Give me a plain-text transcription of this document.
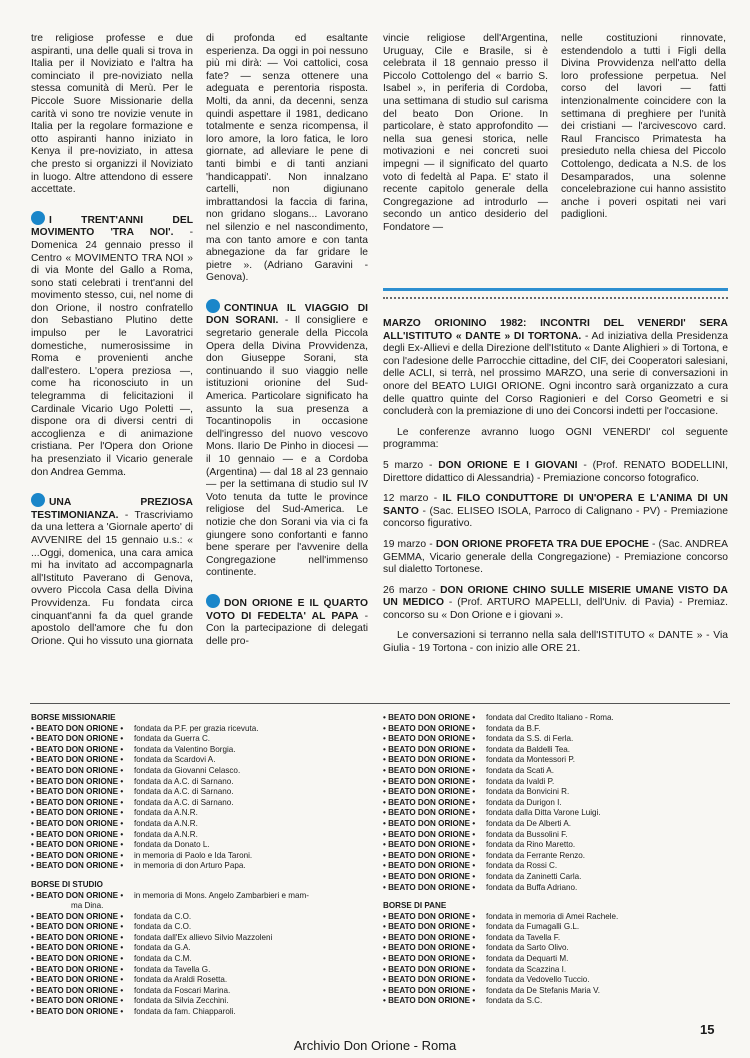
tre religiose professe e due aspiranti, una delle quali si trova in Italia per il Noviziato e l'altra ha cominciato il pre-noviziato nella stessa comunità di Merù. Per le Piccole Suore Missionarie della carità vi sono tre novizie venute in Italia per la regolare formazione e otto aspiranti hanno iniziato in Kenya il pre-noviziato, in attesa che presto si organizzi il Noviziato in luogo. Altre attendono di essere accettate.

I TRENT'ANNI DEL MOVIMENTO 'TRA NOI'. - Domenica 24 gennaio presso il Centro « MOVIMENTO TRA NOI » di via Monte del Gallo a Roma, sono stati celebrati i trent'anni del movimento stesso, cui, nel nome di don Orione, il nostro confratello don Sebastiano Plutino dette impulso per le Lavoratrici domestiche, numerosissime in Roma e provenienti anche dall'estero. L'opera preziosa —, come ha riconosciuto in un telegramma di felicitazioni il Cardinale Vicario Ugo Poletti —, dispone ora di diversi centri di accoglienza e di animazione cristiana. Per l'Opera don Orione ha presenziato il Vicario generale don Andrea Gemma.

UNA PREZIOSA TESTIMONIANZA. - Trascriviamo da una lettera a 'Giornale aperto' di AVVENIRE del 15 gennaio u.s.: « ...Oggi, domenica, una cara amica mi ha invitato ad accompagnarla all'Istituto Paverano di Genova, ovvero Piccola Casa della Divina Provvidenza. Fu fondata circa cinquant'anni fa da quel grande apostolo dell'amore che fu don Orione. Qui ho vissuto una giornata

di profonda ed esaltante esperienza. Da oggi in poi nessuno più mi dirà: — Voi cattolici, cosa fate? — senza ottenere una adeguata e perentoria risposta. Molti, da anni, da decenni, senza quindi aspettare il 1981, dedicano totalmente e senza ricompensa, il loro amore, la loro fatica, le loro giornate, ad alleviare le pene di tanti bimbi e di tanti anziani 'handicappati'. Non innalzano cartelli, non digiunano imbrattandosi la faccia di farina, non gridano slogans... Lavorano nel silenzio e nel nascondimento, ma con tanto amore e con tanta abnegazione da far gridare le pietre ». (Adriano Garavini - Genova).

CONTINUA IL VIAGGIO DI DON SORANI. - Il consigliere e segretario generale della Piccola Opera della Divina Provvidenza, don Giuseppe Sorani, sta continuando il suo viaggio nelle istituzioni orionine del Sud-America. Particolare significato ha assunto la sua presenza a Tocantinopolis in occasione dell'ingresso del nuovo vescovo Mons. Ilario De Pinho in diocesi — il 10 gennaio — e a Cordoba (Argentina) — dal 18 al 23 gennaio — per la settimana di studio sul IV Voto tenuta da tutte le province religiose del Sud-America. Le notizie che don Sorani via via ci fa giungere sono confortanti e fanno bene sperare per l'avvenire della Congregazione nell'immenso continente.

DON ORIONE E IL QUARTO VOTO DI FEDELTA' AL PAPA - Con la partecipazione di delegati delle pro-

vincie religiose dell'Argentina, Uruguay, Cile e Brasile, si è celebrata il 18 gennaio presso il Piccolo Cottolengo del « barrio S. Isabel », in periferia di Cordoba, una settimana di studio sul carisma del beato Don Orione. In particolare, è stato approfondito — nella sua genesi storica, nelle motivazioni e nei concreti suoi impegni — il significato del quarto voto di fedeltà al Papa. E' stato il recente capitolo generale della Congregazione ad introdurlo — secondo un antico desiderio del Fondatore —

nelle costituzioni rinnovate, estendendolo a tutti i Figli della Divina Provvidenza nell'atto della loro professione perpetua. Nel corso del lavori — fatti intenzionalmente coincidere con la settimana di preghiere per l'unità dei cristiani — l'arcivescovo card. Raul Francisco Primatesta ha presieduto nella chiesa del Piccolo Cottolengo, dedicata a N.S. de los Desamparados, una solenne concelebrazione cui hanno assistito anche i poveri ospitati nei vari padiglioni.

MARZO ORIONINO 1982: INCONTRI DEL VENERDI' SERA ALL'ISTITUTO « DANTE » DI TORTONA. - Ad iniziativa della Presidenza degli Ex-Allievi e della Direzione dell'Istituto « Dante Alighieri » di Tortona, e con l'adesione delle Parrocchie cittadine, del CIF, dei Cooperatori salesiani, delle ACLI, si terrà, nel prossimo MARZO, una serie di conversazioni in onore del BEATO LUIGI ORIONE. Ogni incontro sarà organizzato a cura delle quattro quinte del Corso Ragionieri e del Corso Geometri e si concluderà con la premiazione di uno dei Concorsi indetti per l'occasione.

Le conferenze avranno luogo OGNI VENERDI' col seguente programma:

5 marzo - DON ORIONE E I GIOVANI - (Prof. RENATO BODELLINI, Direttore didattico di Alessandria) - Premiazione concorso fotografico.

12 marzo - IL FILO CONDUTTORE DI UN'OPERA E L'ANIMA DI UN SANTO - (Sac. ELISEO ISOLA, Parroco di Calignano - PV) - Premiazione concorso figurativo.

19 marzo - DON ORIONE PROFETA TRA DUE EPOCHE - (Sac. ANDREA GEMMA, Vicario generale della Congregazione) - Premiazione concorso sul dialetto Tortonese.

26 marzo - DON ORIONE CHINO SULLE MISERIE UMANE VISTO DA UN MEDICO - (Prof. ARTURO MAPELLI, dell'Univ. di Pavia) - Premiaz. concorso su « Don Orione e i giovani ».

Le conversazioni si terranno nella sala dell'ISTITUTO « DANTE » - Via Giulia - 19 Tortona - con inizio alle ORE 21.

BORSE MISSIONARIE
• BEATO DON ORIONE • fondata da P.F. per grazia ricevuta.
• BEATO DON ORIONE • fondata da Guerra C.
• BEATO DON ORIONE • fondata da Valentino Borgia.
• BEATO DON ORIONE • fondata da Scardovi A.
• BEATO DON ORIONE • fondata da Giovanni Celasco.
• BEATO DON ORIONE • fondata da A.C. di Sarnano.
• BEATO DON ORIONE • fondata da A.C. di Sarnano.
• BEATO DON ORIONE • fondata da A.C. di Sarnano.
• BEATO DON ORIONE • fondata da A.N.R.
• BEATO DON ORIONE • fondata da A.N.R.
• BEATO DON ORIONE • fondata da A.N.R.
• BEATO DON ORIONE • fondata da Donato L.
• BEATO DON ORIONE • in memoria di Paolo e Ida Taroni.
• BEATO DON ORIONE • in memoria di don Arturo Papa.
BORSE DI STUDIO
• BEATO DON ORIONE • in memoria di Mons. Angelo Zambarbieri e mam-
ma Dina.
• BEATO DON ORIONE • fondata da C.O.
• BEATO DON ORIONE • fondata da C.O.
• BEATO DON ORIONE • fondata dall'Ex allievo Silvio Mazzoleni
• BEATO DON ORIONE • fondata da G.A.
• BEATO DON ORIONE • fondata da C.M.
• BEATO DON ORIONE • fondata da Tavella G.
• BEATO DON ORIONE • fondata da Araldi Rosetta.
• BEATO DON ORIONE • fondata da Foscari Marina.
• BEATO DON ORIONE • fondata da Silvia Zecchini.
• BEATO DON ORIONE • fondata da fam. Chiapparoli.
• BEATO DON ORIONE • fondata dal Credito Italiano - Roma.
• BEATO DON ORIONE • fondata da B.F.
• BEATO DON ORIONE • fondata da S.S. di Ferla.
• BEATO DON ORIONE • fondata da Baldelli Tea.
• BEATO DON ORIONE • fondata da Montessori P.
• BEATO DON ORIONE • fondata da Scati A.
• BEATO DON ORIONE • fondata da Ivaldi P.
• BEATO DON ORIONE • fondata da Bonvicini R.
• BEATO DON ORIONE • fondata da Durigon I.
• BEATO DON ORIONE • fondata dalla Ditta Varone Luigi.
• BEATO DON ORIONE • fondata da De Alberti A.
• BEATO DON ORIONE • fondata da Bussolini F.
• BEATO DON ORIONE • fondata da Rino Maretto.
• BEATO DON ORIONE • fondata da Ferrante Renzo.
• BEATO DON ORIONE • fondata da Rossi C.
• BEATO DON ORIONE • fondata da Zaninetti Carla.
• BEATO DON ORIONE • fondata da Buffa Adriano.
BORSE DI PANE
• BEATO DON ORIONE • fondata in memoria di Amei Rachele.
• BEATO DON ORIONE • fondata da Fumagalli G.L.
• BEATO DON ORIONE • fondata da Tavella F.
• BEATO DON ORIONE • fondata da Sarto Olivo.
• BEATO DON ORIONE • fondata da Dequarti M.
• BEATO DON ORIONE • fondata da Scazzina I.
• BEATO DON ORIONE • fondata da Vedovello Tuccio.
• BEATO DON ORIONE • fondata da De Stefanis Maria V.
• BEATO DON ORIONE • fondata da S.C.
15
Archivio Don Orione - Roma
